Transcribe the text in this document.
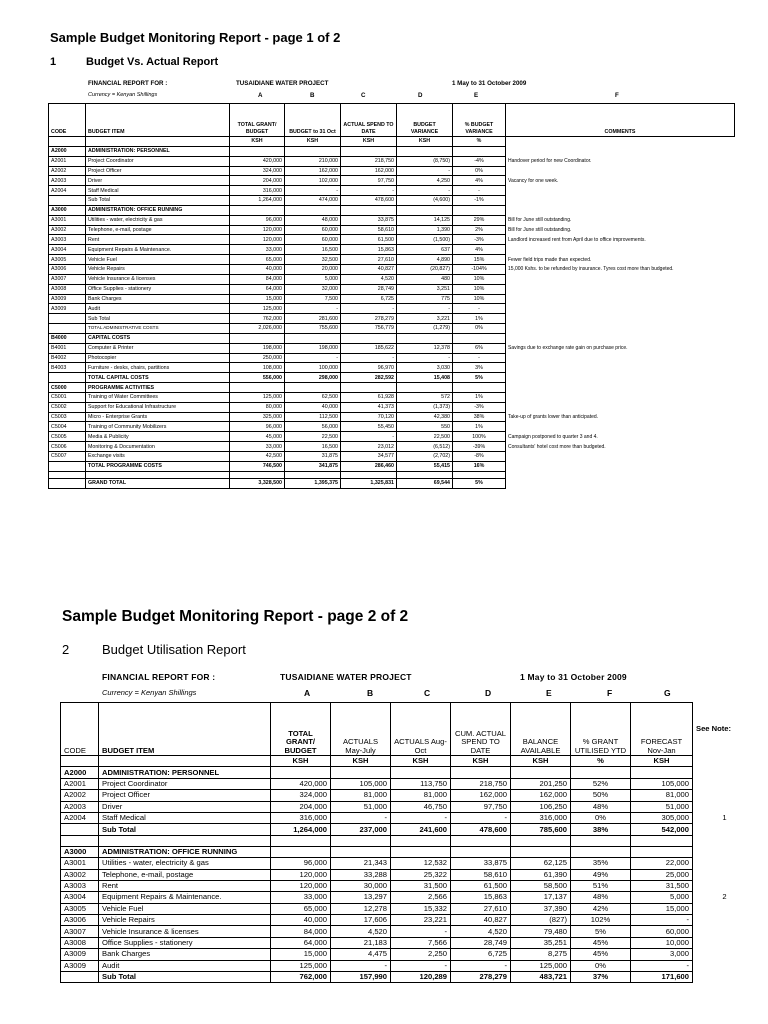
Sample Budget Monitoring Report - page 1 of 2
1	Budget Vs. Actual Report
FINANCIAL REPORT FOR :	TUSAIDIANE WATER PROJECT	1 May to 31 October 2009
Currency = Kenyan Shillings	A	B	C	D	E	F
CODE	BUDGET ITEM	TOTAL GRANT/ BUDGET	BUDGET to 31 Oct	ACTUAL SPEND TO DATE	BUDGET VARIANCE	% BUDGET VARIANCE	COMMENTS
		KSH	KSH	KSH	KSH	%	
A2000	ADMINISTRATION: PERSONNEL						
A2001	Project Coordinator	420,000	210,000	218,750	(8,750)	-4%	Handover period for new Coordinator.
A2002	Project Officer	324,000	162,000	162,000	-	0%	
A2003	Driver	204,000	102,000	97,750	4,250	4%	Vacancy for one week.
A2004	Staff Medical	316,000	-	-	-	-	
	Sub Total	1,264,000	474,000	478,600	(4,600)	-1%	
A3000	ADMINISTRATION: OFFICE RUNNING						
A3001	Utilities - water, electricity & gas	96,000	48,000	33,875	14,125	29%	Bill for June still outstanding.
A3002	Telephone, e-mail, postage	120,000	60,000	58,610	1,390	2%	Bill for June still outstanding.
A3003	Rent	120,000	60,000	61,500	(1,500)	-3%	Landlord increased rent from April due to office improvements.
A3004	Equipment Repairs & Maintenance.	33,000	16,500	15,863	637	4%	
A3005	Vehicle Fuel	65,000	32,500	27,610	4,890	15%	Fewer field trips made than expected.
A3006	Vehicle Repairs	40,000	20,000	40,827	(20,827)	-104%	15,000 Kshs. to be refunded by insurance. Tyres cost more than budgeted.
A3007	Vehicle Insurance & licenses	84,000	5,000	4,520	480	10%	
A3008	Office Supplies - stationery	64,000	32,000	28,749	3,251	10%	
A3009	Bank Charges	15,000	7,500	6,725	775	10%	
A3009	Audit	125,000	-	-	-	-	
	Sub Total	762,000	281,600	278,279	3,221	1%	
	TOTAL ADMINISTRATIVE COSTS	2,026,000	755,600	756,779	(1,279)	0%	
B4000	CAPITAL COSTS						
B4001	Computer & Printer	198,000	198,000	185,622	12,378	6%	Savings due to exchange rate gain on purchase price.
B4002	Photocopier	250,000	-	-	-	-	
B4003	Furniture - desks, chairs, partitions	108,000	100,000	96,970	3,030	3%	
	TOTAL CAPITAL COSTS	556,000	298,000	282,592	15,408	5%	
C5000	PROGRAMME ACTIVITIES						
C5001	Training of Water Committees	125,000	62,500	61,928	572	1%	
C5002	Support for Educational Infrastructure	80,000	40,000	41,373	(1,373)	-3%	
C5003	Micro - Enterprise Grants	325,000	112,500	70,120	42,380	38%	Take-up of grants lower than anticipated.
C5004	Training of Community Mobilizers	96,000	56,000	55,450	550	1%	
C5005	Media & Publicity	45,000	22,500	-	22,500	100%	Campaign postponed to quarter 3 and 4.
C5006	Monitoring & Documentation	33,000	16,500	23,012	(6,512)	-39%	Consultants' hotel cost more than budgeted.
C5007	Exchange visits	42,500	31,875	34,577	(2,702)	-8%	
	TOTAL PROGRAMME COSTS	746,500	341,875	286,460	55,415	16%	

	GRAND TOTAL	3,328,500	1,395,375	1,325,831	69,544	5%	
Sample Budget Monitoring Report - page 2 of 2
2	Budget Utilisation Report
FINANCIAL REPORT FOR :	TUSAIDIANE WATER PROJECT	1 May to 31 October 2009
Currency = Kenyan Shillings	A	B	C	D	E	F	G
CODE	BUDGET ITEM	TOTAL GRANT/ BUDGET	ACTUALS May-July	ACTUALS Aug-Oct	CUM. ACTUAL SPEND TO DATE	BALANCE AVAILABLE	% GRANT UTILISED YTD	FORECAST Nov-Jan	See Note:
		KSH	KSH	KSH	KSH	KSH	%	KSH	
A2000	ADMINISTRATION: PERSONNEL								
A2001	Project Coordinator	420,000	105,000	113,750	218,750	201,250	52%	105,000	
A2002	Project Officer	324,000	81,000	81,000	162,000	162,000	50%	81,000	
A2003	Driver	204,000	51,000	46,750	97,750	106,250	48%	51,000	
A2004	Staff Medical	316,000	-	-	-	316,000	0%	305,000	1
	Sub Total	1,264,000	237,000	241,600	478,600	785,600	38%	542,000	

A3000	ADMINISTRATION: OFFICE RUNNING								
A3001	Utilities - water, electricity & gas	96,000	21,343	12,532	33,875	62,125	35%	22,000	
A3002	Telephone, e-mail, postage	120,000	33,288	25,322	58,610	61,390	49%	25,000	
A3003	Rent	120,000	30,000	31,500	61,500	58,500	51%	31,500	
A3004	Equipment Repairs & Maintenance.	33,000	13,297	2,566	15,863	17,137	48%	5,000	2
A3005	Vehicle Fuel	65,000	12,278	15,332	27,610	37,390	42%	15,000	
A3006	Vehicle Repairs	40,000	17,606	23,221	40,827	(827)	102%	-	
A3007	Vehicle Insurance & licenses	84,000	4,520	-	4,520	79,480	5%	60,000	
A3008	Office Supplies - stationery	64,000	21,183	7,566	28,749	35,251	45%	10,000	
A3009	Bank Charges	15,000	4,475	2,250	6,725	8,275	45%	3,000	
A3009	Audit	125,000	-	-	-	125,000	0%	-	
	Sub Total	762,000	157,990	120,289	278,279	483,721	37%	171,600	
